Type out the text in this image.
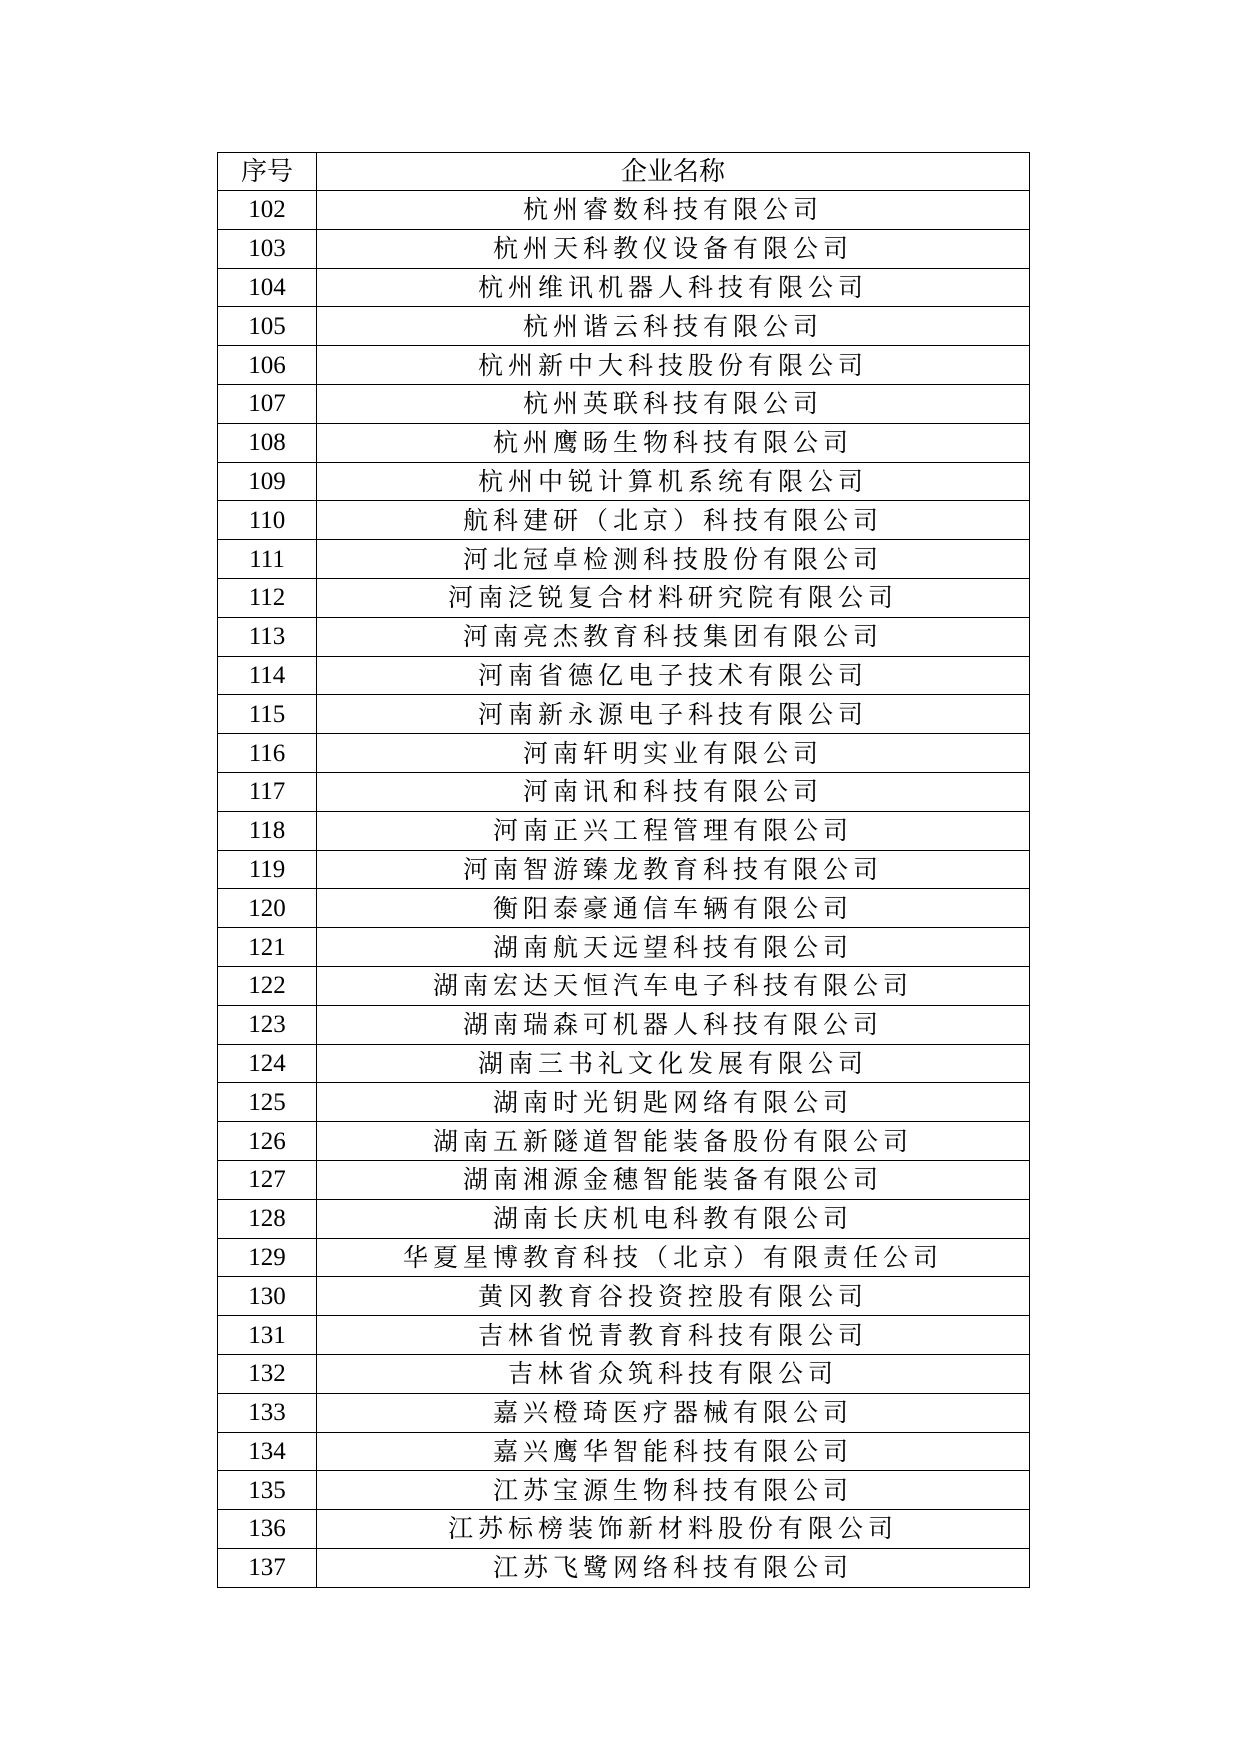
序号	企业名称
102	杭州睿数科技有限公司
103	杭州天科教仪设备有限公司
104	杭州维讯机器人科技有限公司
105	杭州谐云科技有限公司
106	杭州新中大科技股份有限公司
107	杭州英联科技有限公司
108	杭州鹰旸生物科技有限公司
109	杭州中锐计算机系统有限公司
110	航科建研（北京）科技有限公司
111	河北冠卓检测科技股份有限公司
112	河南泛锐复合材料研究院有限公司
113	河南亮杰教育科技集团有限公司
114	河南省德亿电子技术有限公司
115	河南新永源电子科技有限公司
116	河南轩明实业有限公司
117	河南讯和科技有限公司
118	河南正兴工程管理有限公司
119	河南智游臻龙教育科技有限公司
120	衡阳泰豪通信车辆有限公司
121	湖南航天远望科技有限公司
122	湖南宏达天恒汽车电子科技有限公司
123	湖南瑞森可机器人科技有限公司
124	湖南三书礼文化发展有限公司
125	湖南时光钥匙网络有限公司
126	湖南五新隧道智能装备股份有限公司
127	湖南湘源金穗智能装备有限公司
128	湖南长庆机电科教有限公司
129	华夏星博教育科技（北京）有限责任公司
130	黄冈教育谷投资控股有限公司
131	吉林省悦青教育科技有限公司
132	吉林省众筑科技有限公司
133	嘉兴橙琦医疗器械有限公司
134	嘉兴鹰华智能科技有限公司
135	江苏宝源生物科技有限公司
136	江苏标榜装饰新材料股份有限公司
137	江苏飞鹭网络科技有限公司
